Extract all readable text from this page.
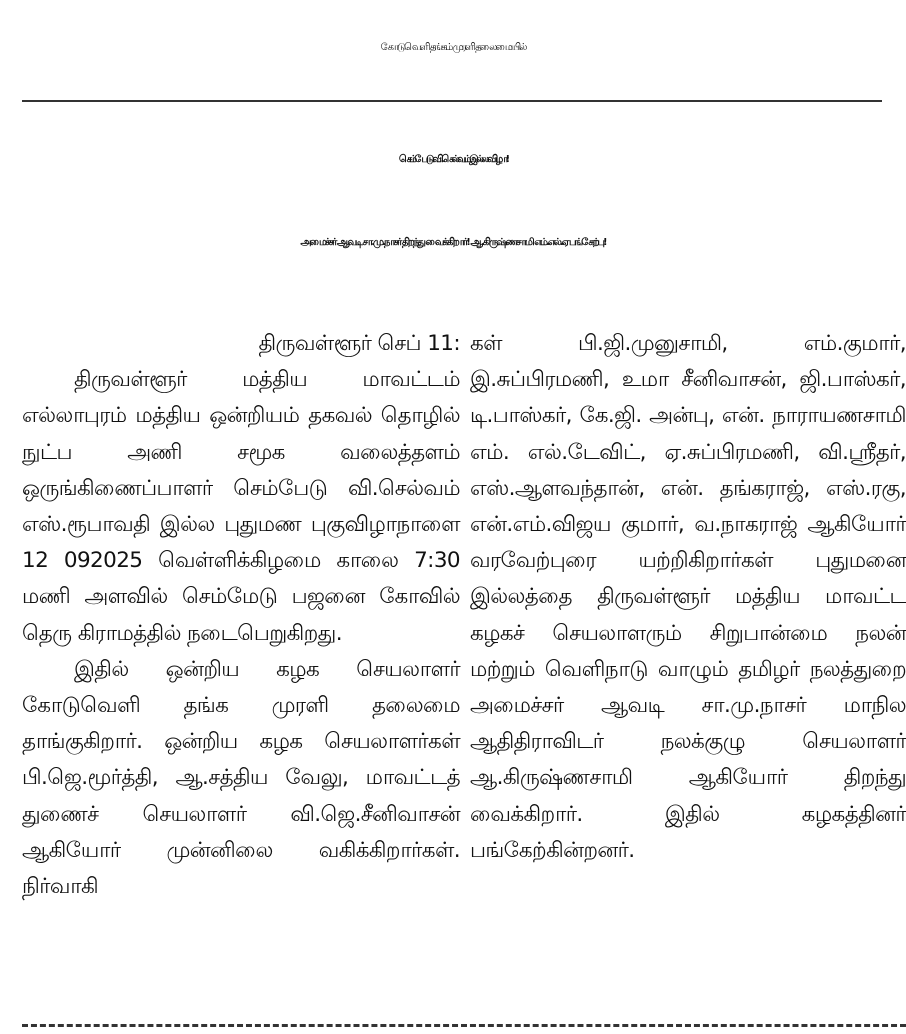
கோடுவெளி தங்கம் முரளி தலைமையில்
செம்பேடு வி.செல்வம் இல்ல விழா!
அமைச்சர் ஆவடி சா.மு.நாசர் திறந்து வைக்கிறார்! ஆ.கிருஷ்ணசாமி எம்.எல்.ஏ பங்கேற்பு!

திருவள்ளூர் செப் 11:

திருவள்ளூர் மத்திய மாவட்டம் எல்லாபுரம் மத்திய ஒன்றியம் தகவல் தொழில் நுட்ப அணி சமூக வலைத்தளம் ஒருங்கிணைப்பாளர் செம்பேடு வி.செல்வம் எஸ்.ரூபாவதி இல்ல புதுமண புகுவிழாநாளை 12 092025 வெள்ளிக்கிழமை காலை 7:30 மணி அளவில் செம்மேடு பஜனை கோவில் தெரு கிராமத்தில் நடைபெறுகிறது.

இதில் ஒன்றிய கழக செயலாளர் கோடுவெளி தங்க முரளி தலைமை தாங்குகிறார். ஒன்றிய கழக செயலாளர்கள் பி.ஜெ.மூர்த்தி, ஆ.சத்திய வேலு, மாவட்டத் துணைச் செயலாளர் வி.ஜெ.சீனிவாசன் ஆகியோர் முன்னிலை வகிக்கிறார்கள். நிர்வாகி

கள் பி.ஜி.முனுசாமி, எம்.குமார், இ.சுப்பிரமணி, உமா சீனிவாசன், ஜி.பாஸ்கர், டி.பாஸ்கர், கே.ஜி. அன்பு, என். நாராயணசாமி எம். எல்.டேவிட், ஏ.சுப்பிரமணி, வி.ஸ்ரீதர், எஸ்.ஆளவந்தான், என். தங்கராஜ், எஸ்.ரகு, என்.எம்.விஜய குமார், வ.நாகராஜ் ஆகியோர் வரவேற்புரை யற்றிகிறார்கள் புதுமனை இல்லத்தை திருவள்ளூர் மத்திய மாவட்ட கழகச் செயலாளரும் சிறுபான்மை நலன் மற்றும் வெளிநாடு வாழும் தமிழர் நலத்துறை அமைச்சர் ஆவடி சா.மு.நாசர் மாநில ஆதிதிராவிடர் நலக்குழு செயலாளர் ஆ.கிருஷ்ணசாமி ஆகியோர் திறந்து வைக்கிறார். இதில் கழகத்தினர் பங்கேற்கின்றனர்.
